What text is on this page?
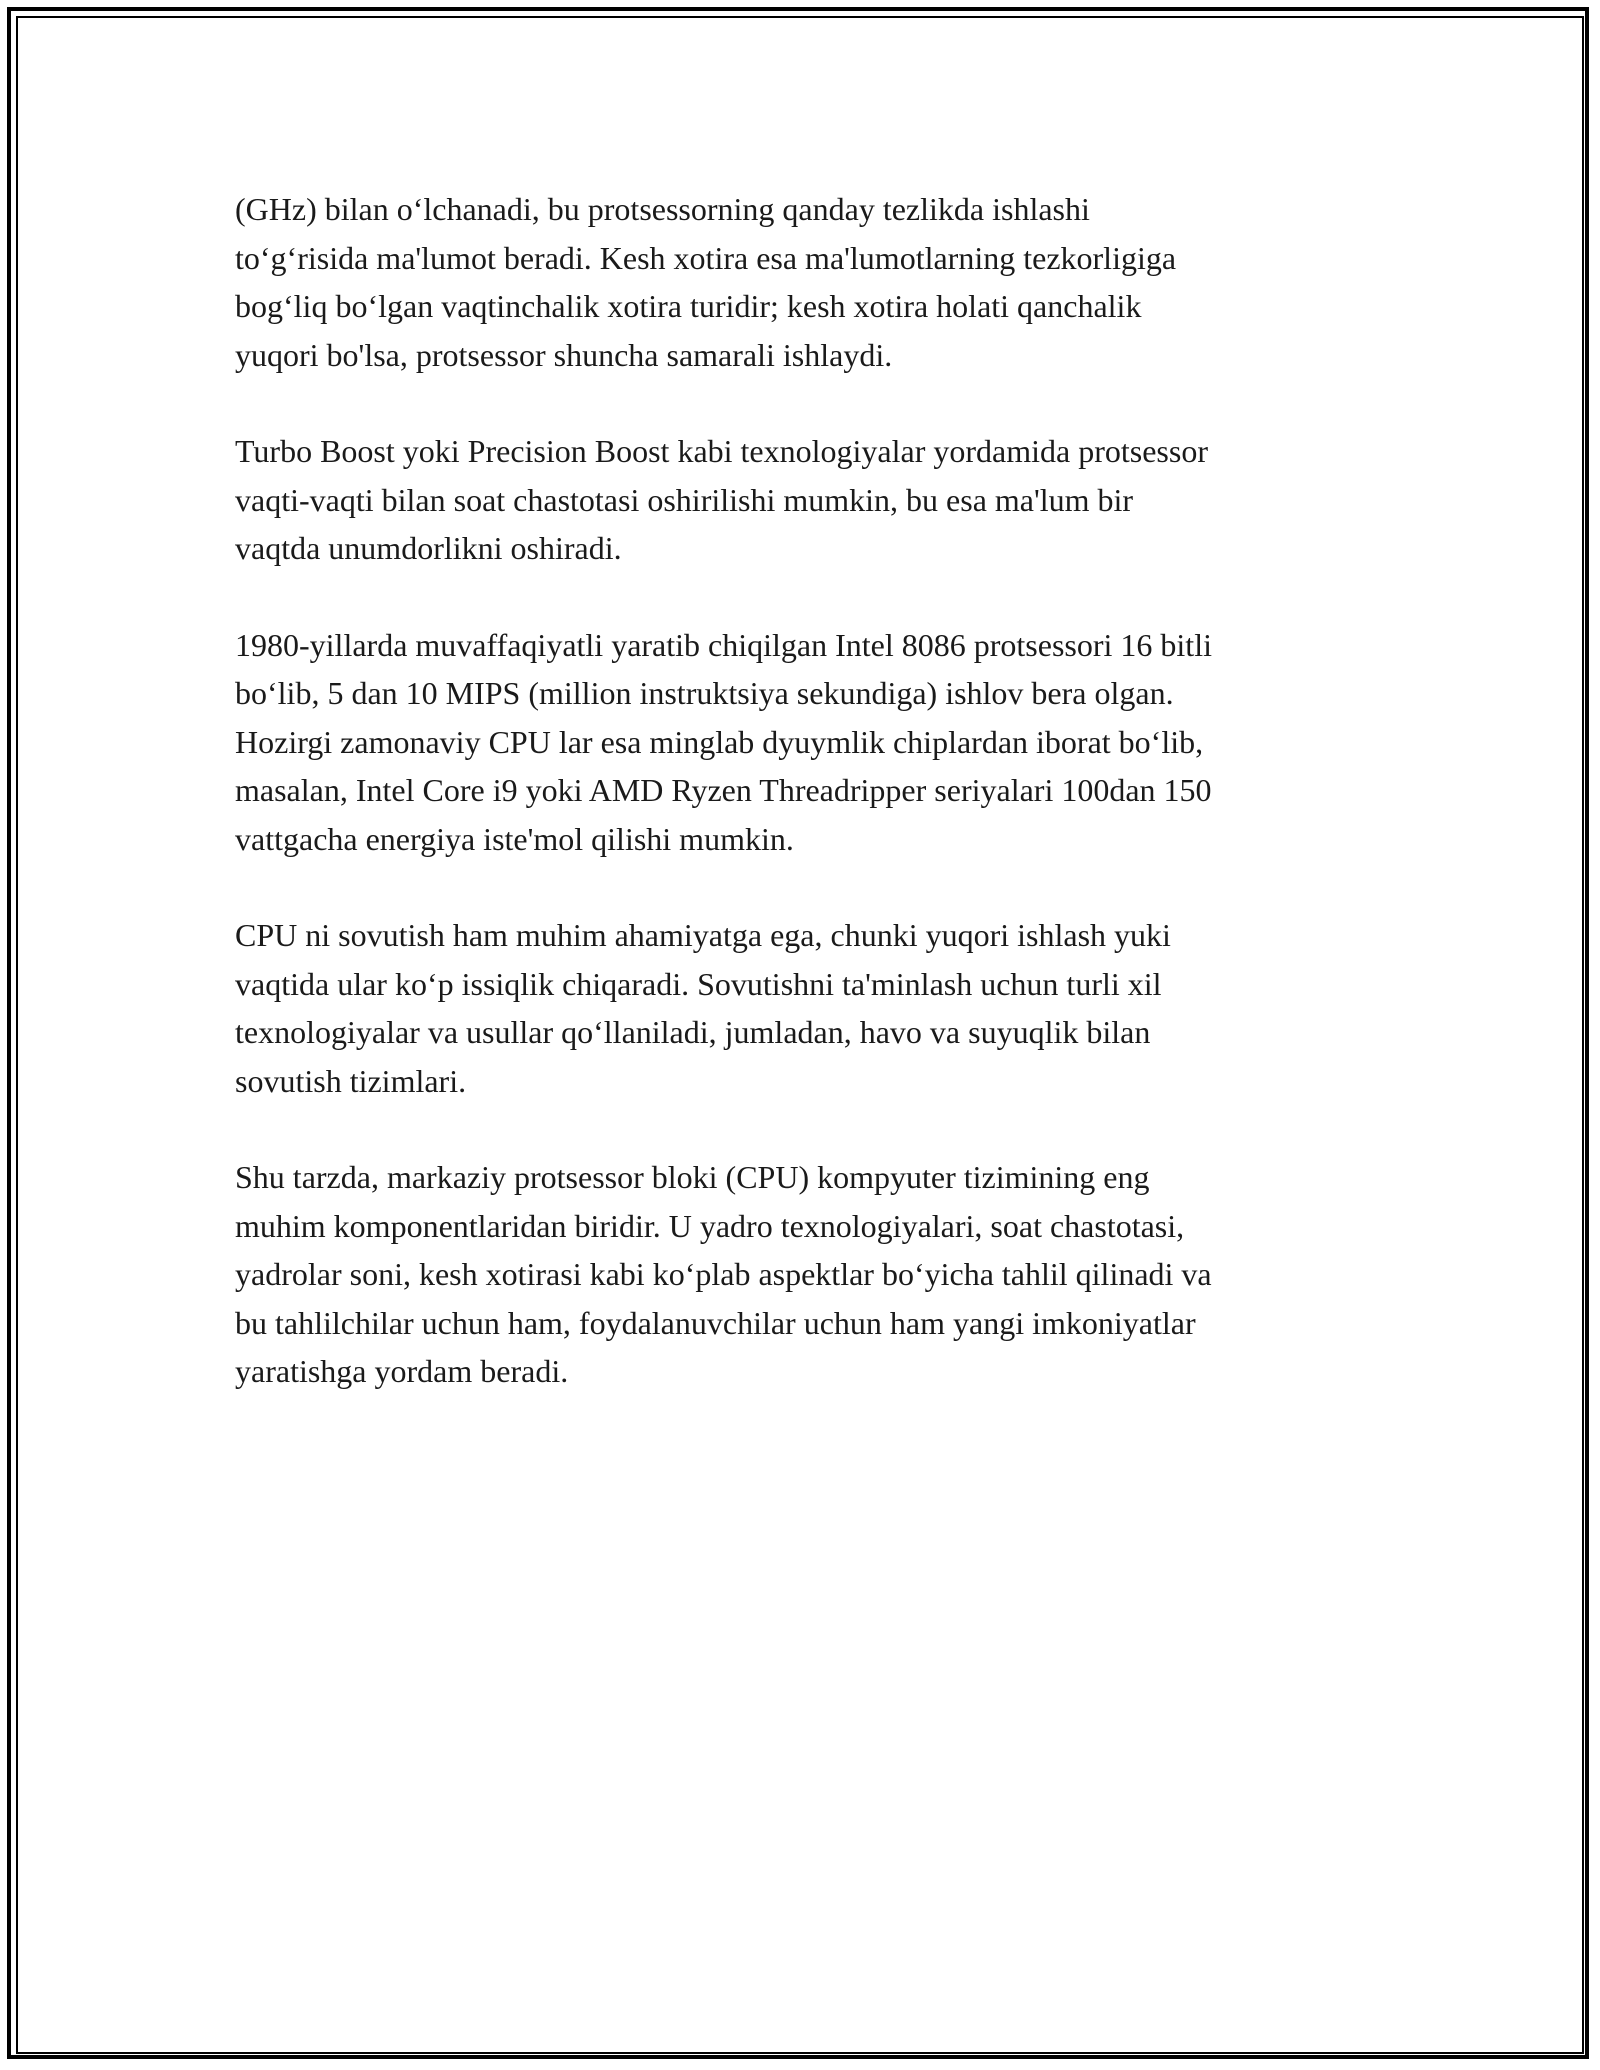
(GHz) bilan o‘lchanadi, bu protsessorning qanday tezlikda ishlashi
to‘g‘risida ma'lumot beradi. Kesh xotira esa ma'lumotlarning tezkorligiga
bog‘liq bo‘lgan vaqtinchalik xotira turidir; kesh xotira holati qanchalik
yuqori bo'lsa, protsessor shuncha samarali ishlaydi.

Turbo Boost yoki Precision Boost kabi texnologiyalar yordamida protsessor
vaqti-vaqti bilan soat chastotasi oshirilishi mumkin, bu esa ma'lum bir
vaqtda unumdorlikni oshiradi.

1980-yillarda muvaffaqiyatli yaratib chiqilgan Intel 8086 protsessori 16 bitli
bo‘lib, 5 dan 10 MIPS (million instruktsiya sekundiga) ishlov bera olgan.
Hozirgi zamonaviy CPU lar esa minglab dyuymlik chiplardan iborat bo‘lib,
masalan, Intel Core i9 yoki AMD Ryzen Threadripper seriyalari 100dan 150
vattgacha energiya iste'mol qilishi mumkin.

CPU ni sovutish ham muhim ahamiyatga ega, chunki yuqori ishlash yuki
vaqtida ular ko‘p issiqlik chiqaradi. Sovutishni ta'minlash uchun turli xil
texnologiyalar va usullar qo‘llaniladi, jumladan, havo va suyuqlik bilan
sovutish tizimlari.

Shu tarzda, markaziy protsessor bloki (CPU) kompyuter tizimining eng
muhim komponentlaridan biridir. U yadro texnologiyalari, soat chastotasi,
yadrolar soni, kesh xotirasi kabi ko‘plab aspektlar bo‘yicha tahlil qilinadi va
bu tahlilchilar uchun ham, foydalanuvchilar uchun ham yangi imkoniyatlar
yaratishga yordam beradi.
